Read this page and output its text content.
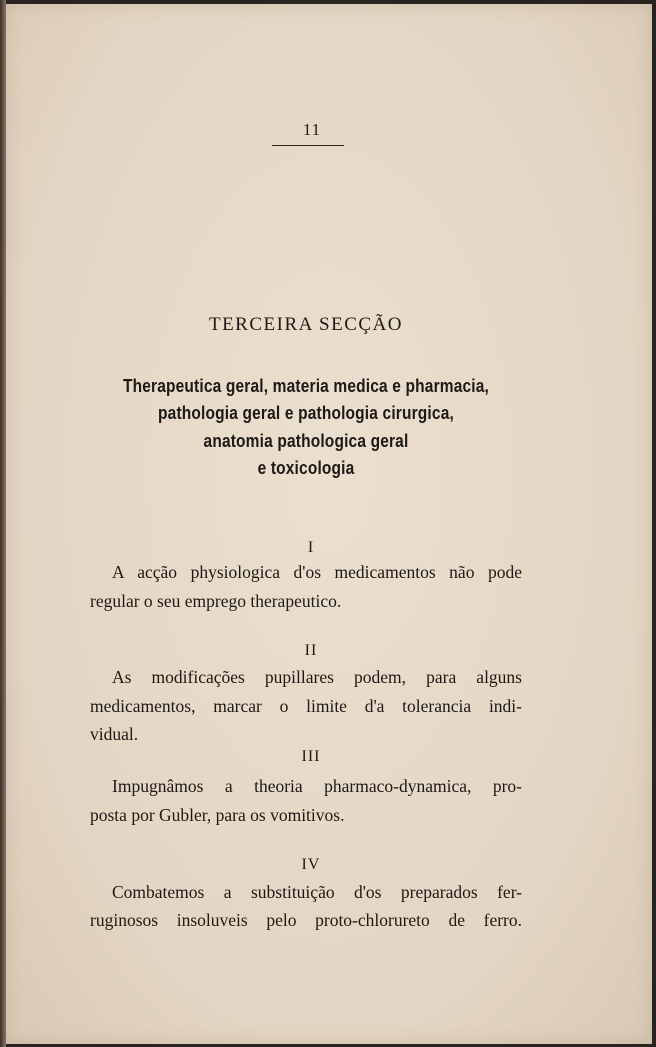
11
TERCEIRA SECÇÃO
Therapeutica geral, materia medica e pharmacia,
pathologia geral e pathologia cirurgica,
anatomia pathologica geral
e toxicologia
I
A acção physiologica d'os medicamentos não pode
regular o seu emprego therapeutico.
II
As modificações pupillares podem, para alguns
medicamentos, marcar o limite d'a tolerancia indi-
vidual.
III
Impugnâmos a theoria pharmaco-dynamica, pro-
posta por Gubler, para os vomitivos.
IV
Combatemos a substituição d'os preparados fer-
ruginosos insoluveis pelo proto-chlorureto de ferro.
